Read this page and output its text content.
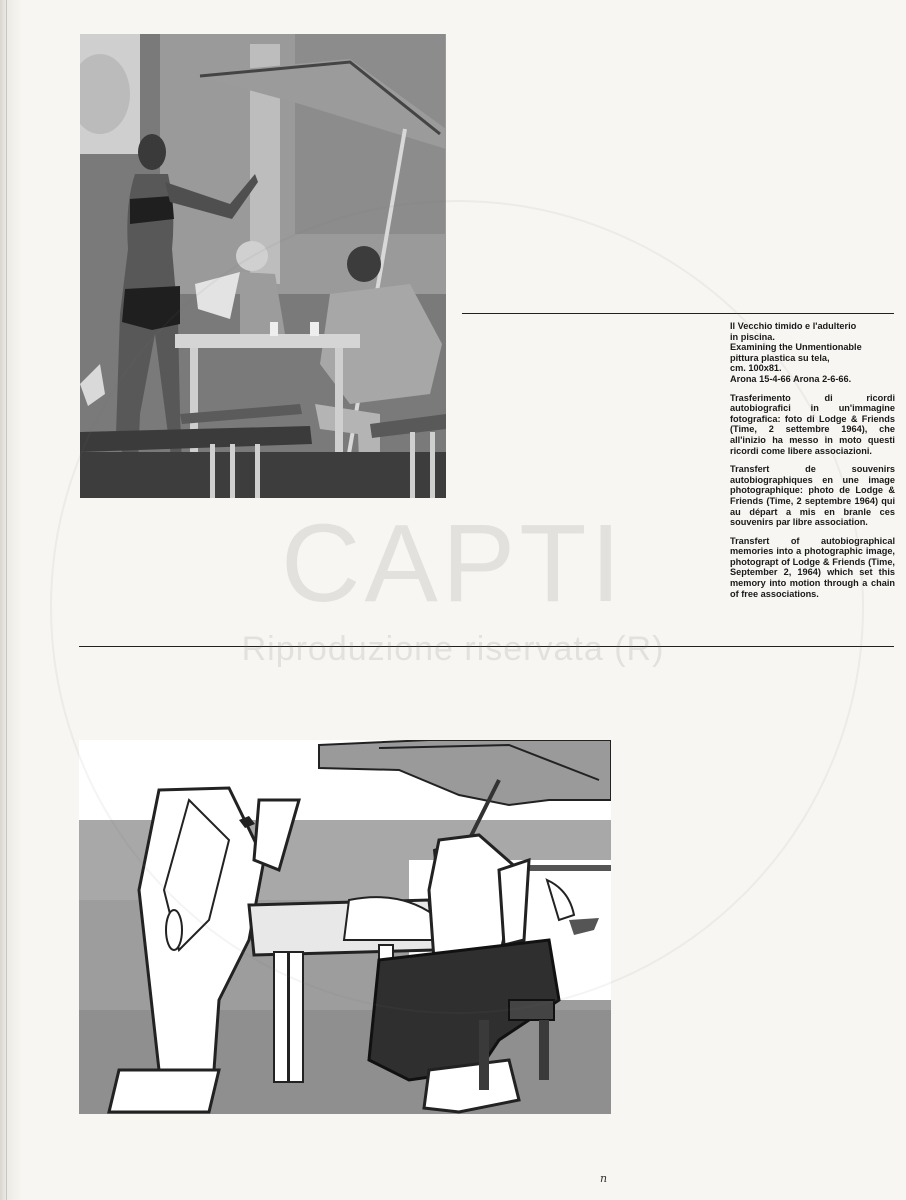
Il Vecchio timido e l'adulterio
in piscina.
Examining the Unmentionable
pittura plastica su tela,
cm. 100x81.
Arona 15-4-66 Arona 2-6-66.

Trasferimento di ricordi autobiografici in un'immagine fotografica: foto di Lodge & Friends (Time, 2 settembre 1964), che all'inizio ha messo in moto questi ricordi come libere associazioni.

Transfert de souvenirs autobiographiques en une image photographique: photo de Lodge & Friends (Time, 2 septembre 1964) qui au départ a mis en branle ces souvenirs par libre association.

Transfert of autobiographical memories into a photographic image, photograpt of Lodge & Friends (Time, September 2, 1964) which set this memory into motion through a chain of free associations.

CAPTI
Riproduzione riservata (R)
n
